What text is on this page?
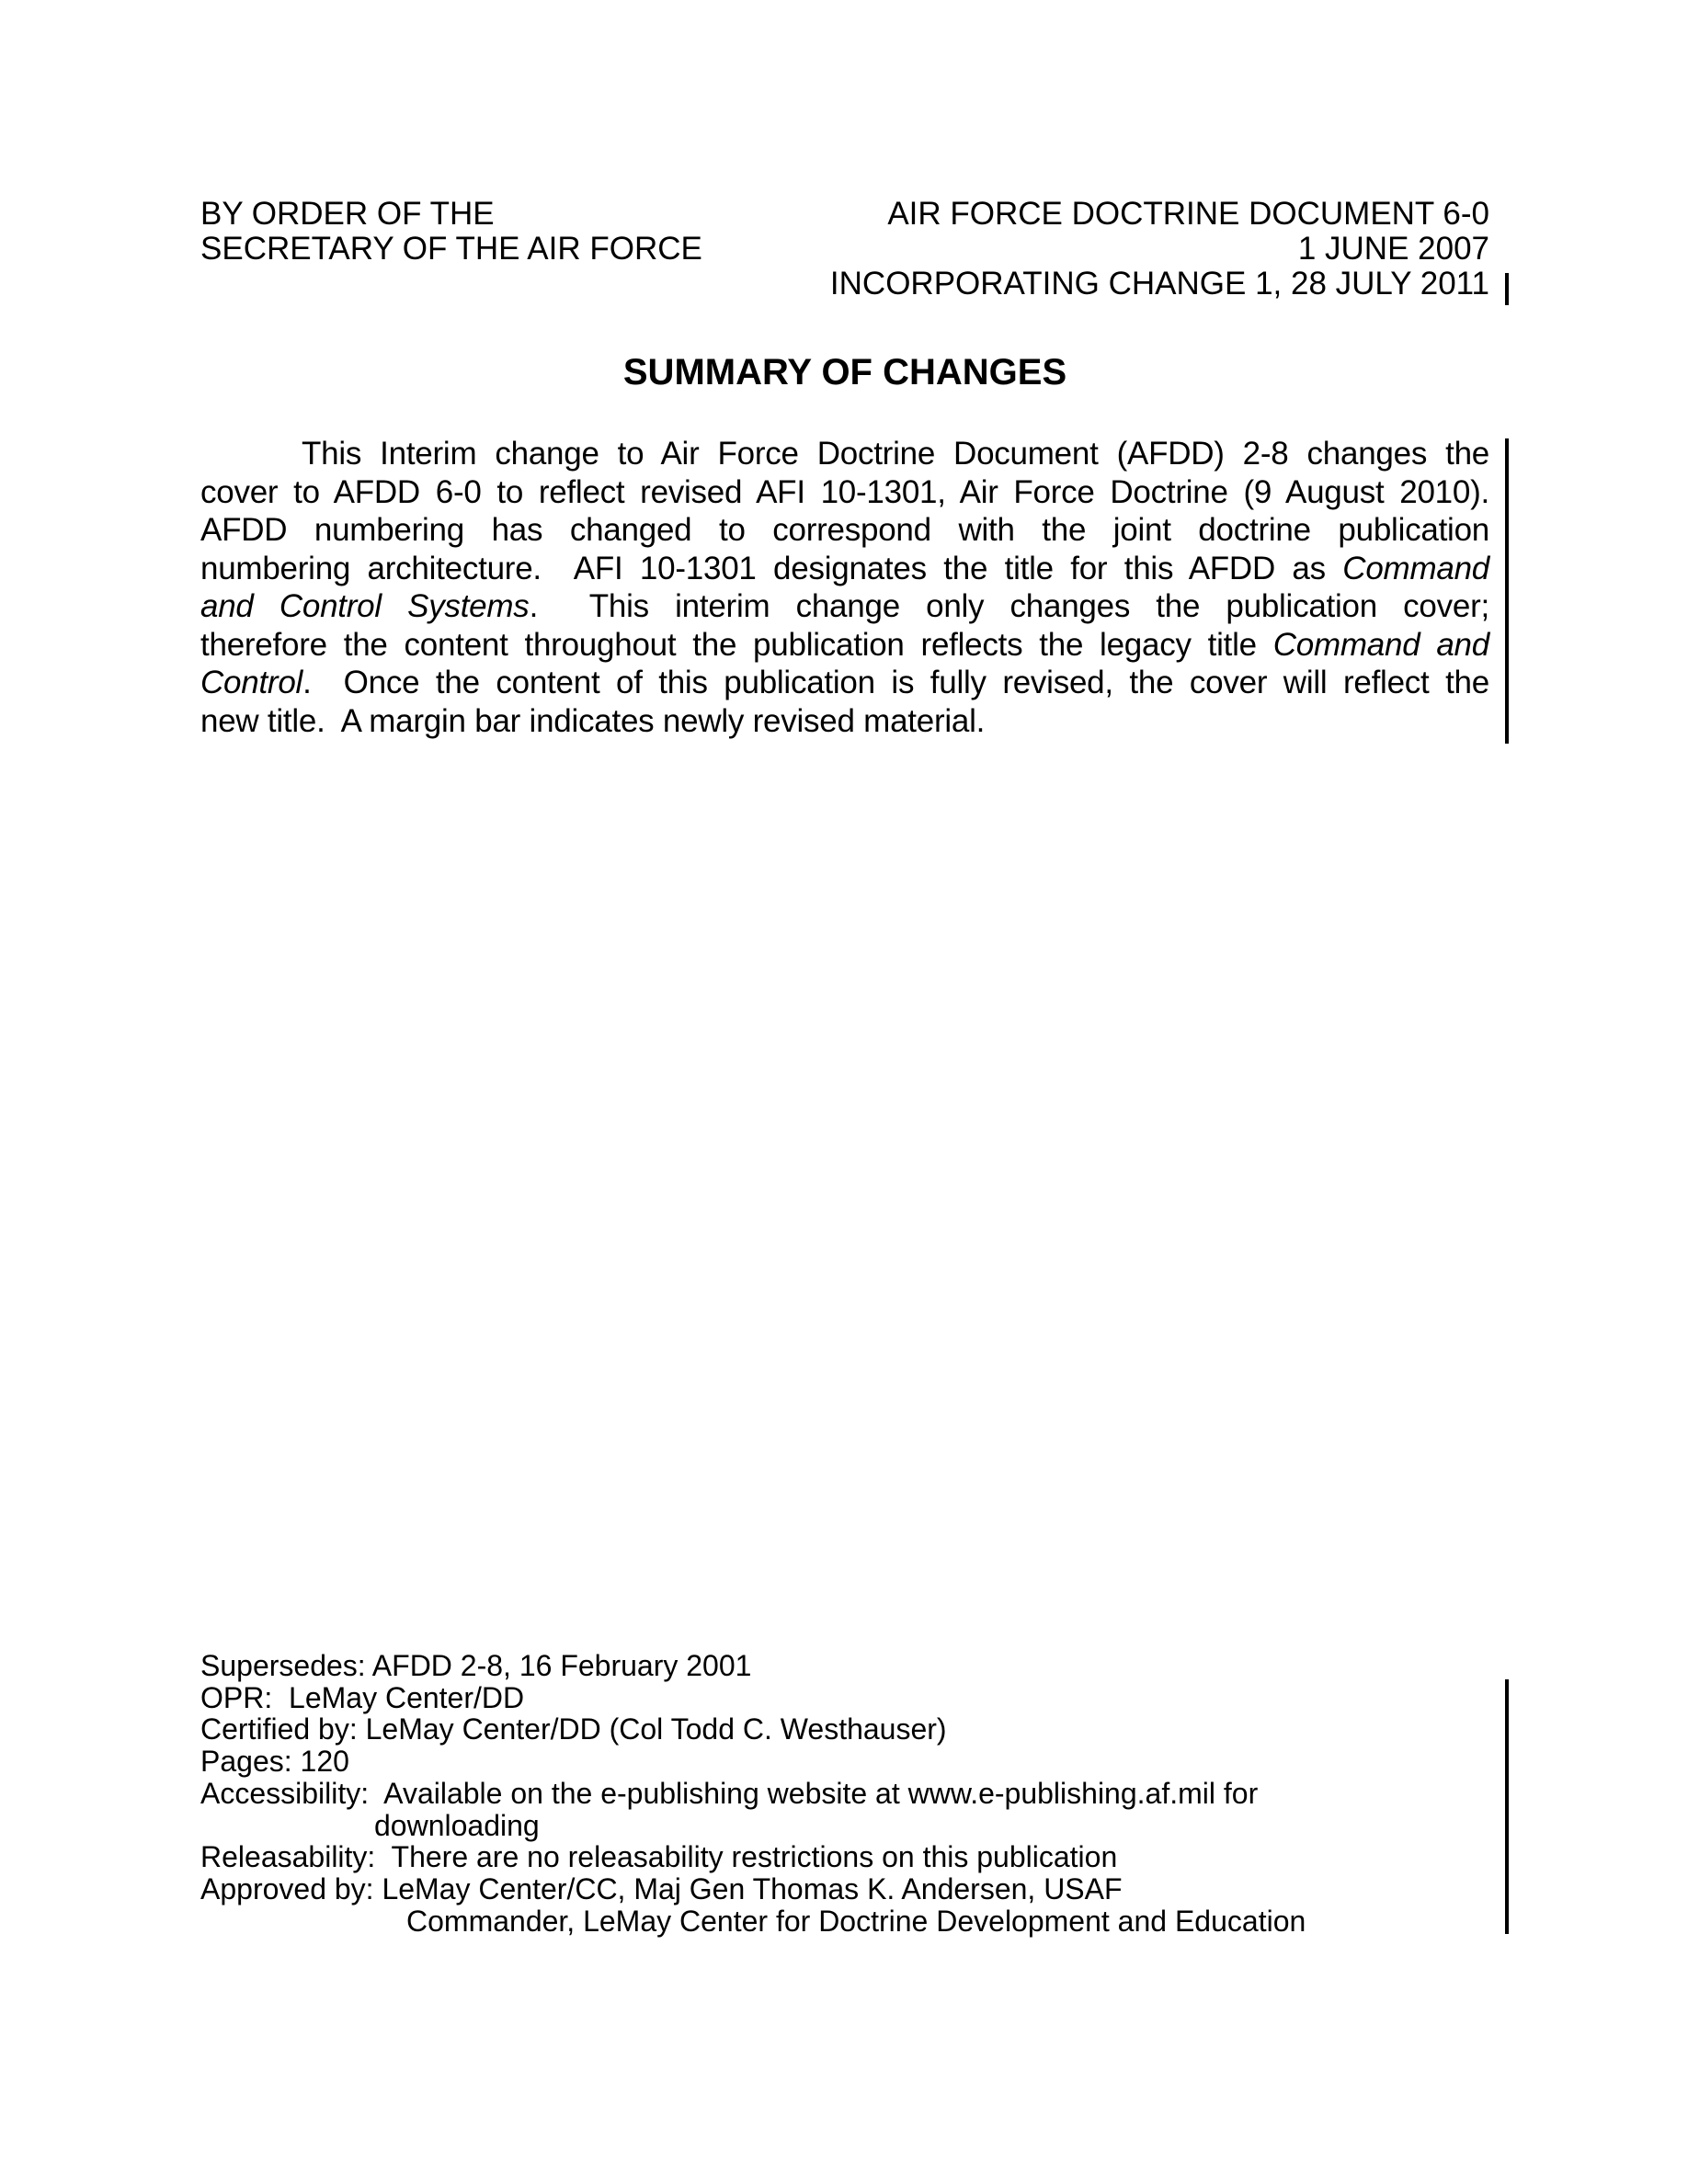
BY ORDER OF THE
SECRETARY OF THE AIR FORCE
AIR FORCE DOCTRINE DOCUMENT 6-0
1 JUNE 2007
INCORPORATING CHANGE 1, 28 JULY 2011
SUMMARY OF CHANGES
This Interim change to Air Force Doctrine Document (AFDD) 2-8 changes the
cover to AFDD 6-0 to reflect revised AFI 10-1301, Air Force Doctrine (9 August 2010).
AFDD numbering has changed to correspond with the joint doctrine publication
numbering architecture.  AFI 10-1301 designates the title for this AFDD as Command
and Control Systems.  This interim change only changes the publication cover;
therefore the content throughout the publication reflects the legacy title Command and
Control.  Once the content of this publication is fully revised, the cover will reflect the
new title.  A margin bar indicates newly revised material.
Supersedes: AFDD 2-8, 16 February 2001
OPR:  LeMay Center/DD
Certified by: LeMay Center/DD (Col Todd C. Westhauser)
Pages: 120
Accessibility:  Available on the e-publishing website at www.e-publishing.af.mil for
downloading
Releasability:  There are no releasability restrictions on this publication
Approved by: LeMay Center/CC, Maj Gen Thomas K. Andersen, USAF
Commander, LeMay Center for Doctrine Development and Education
